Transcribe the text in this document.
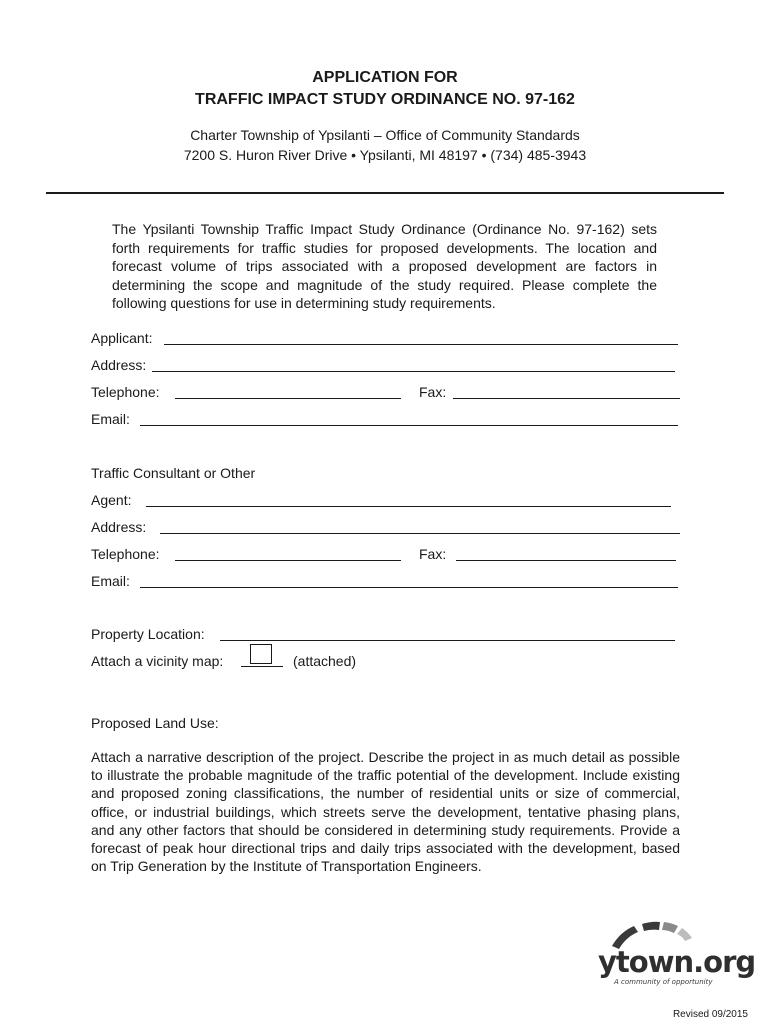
APPLICATION FOR
TRAFFIC IMPACT STUDY ORDINANCE NO. 97-162
Charter Township of Ypsilanti – Office of Community Standards
7200 S. Huron River Drive • Ypsilanti, MI 48197 • (734) 485-3943
The Ypsilanti Township Traffic Impact Study Ordinance (Ordinance No. 97-162) sets forth requirements for traffic studies for proposed developments. The location and forecast volume of trips associated with a proposed development are factors in determining the scope and magnitude of the study required. Please complete the following questions for use in determining study requirements.
Applicant:
Address:
Telephone:	Fax:
Email:
Traffic Consultant or Other
Agent:
Address:
Telephone:	Fax:
Email:
Property Location:
Attach a vicinity map:	(attached)
Proposed Land Use:
Attach a narrative description of the project. Describe the project in as much detail as possible to illustrate the probable magnitude of the traffic potential of the development. Include existing and proposed zoning classifications, the number of residential units or size of commercial, office, or industrial buildings, which streets serve the development, tentative phasing plans, and any other factors that should be considered in determining study requirements. Provide a forecast of peak hour directional trips and daily trips associated with the development, based on Trip Generation by the Institute of Transportation Engineers.
ytown.org
A community of opportunity
Revised 09/2015
